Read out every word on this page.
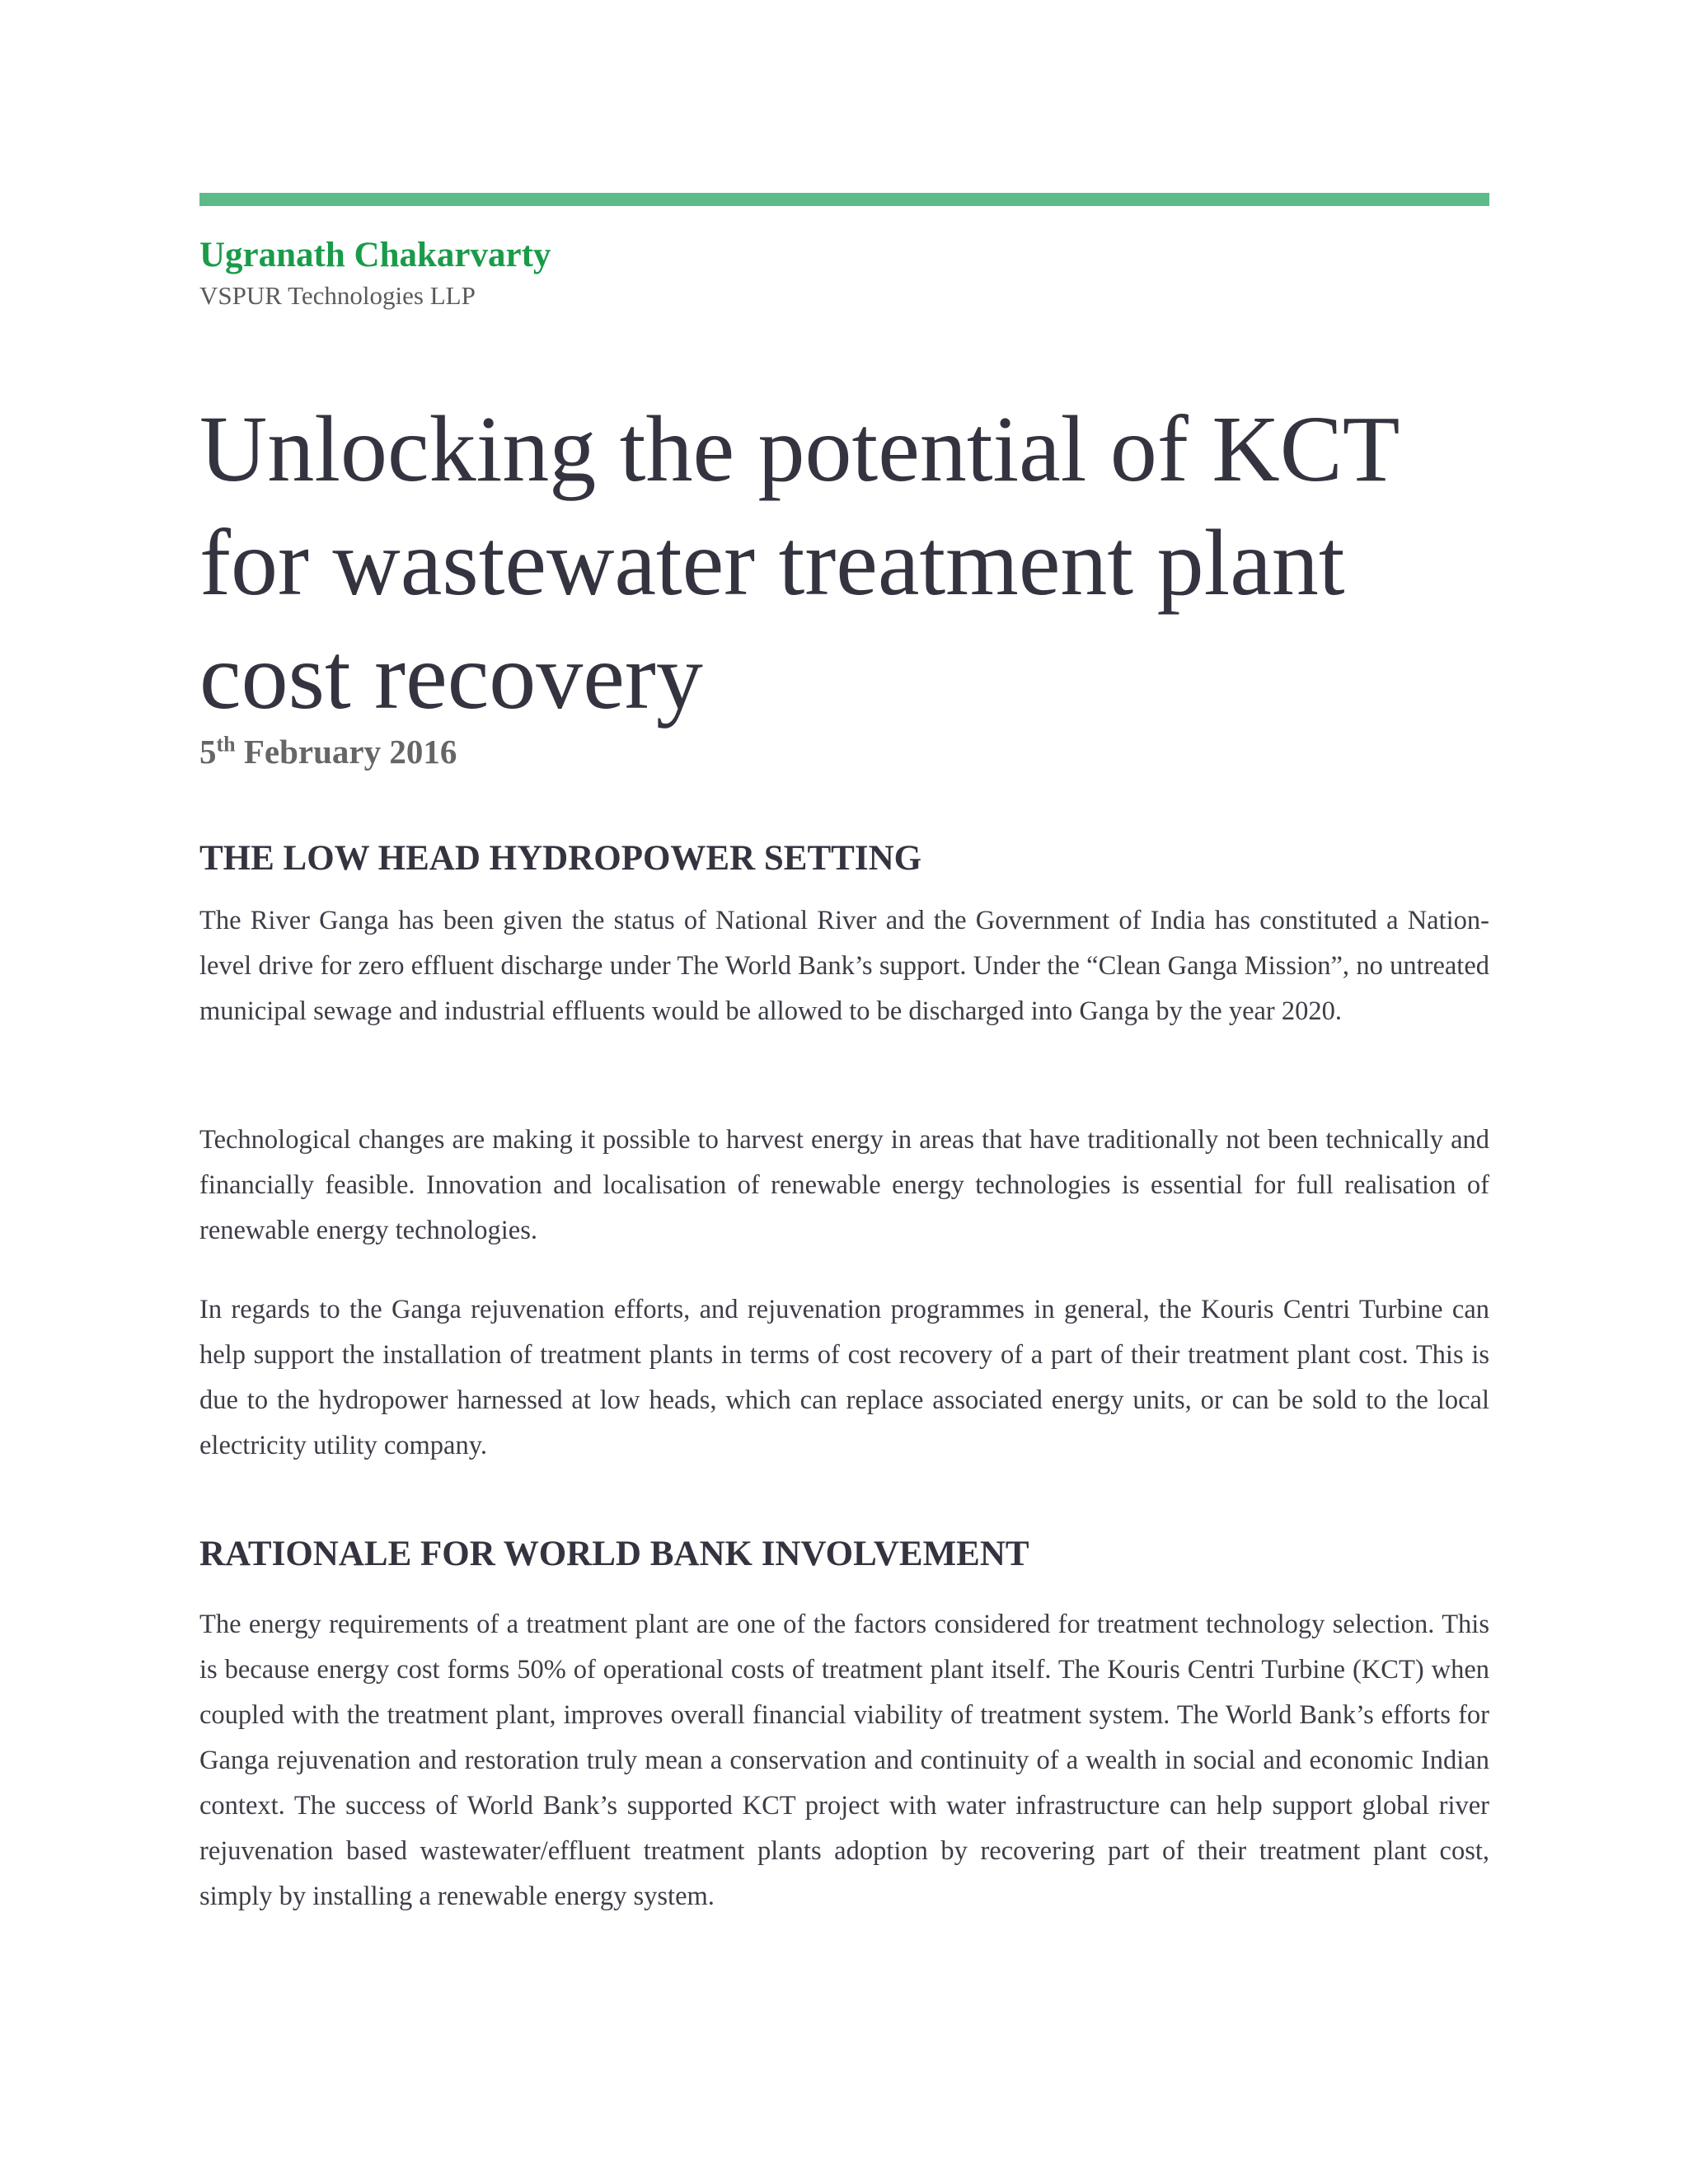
Ugranath Chakarvarty
VSPUR Technologies LLP
Unlocking the potential of KCT for wastewater treatment plant cost recovery
5th February 2016
THE LOW HEAD HYDROPOWER SETTING

The River Ganga has been given the status of National River and the Government of India has constituted a Nation-level drive for zero effluent discharge under The World Bank’s support. Under the “Clean Ganga Mission”, no untreated municipal sewage and industrial effluents would be allowed to be discharged into Ganga by the year 2020.

Technological changes are making it possible to harvest energy in areas that have traditionally not been technically and financially feasible. Innovation and localisation of renewable energy technologies is essential for full realisation of renewable energy technologies.

In regards to the Ganga rejuvenation efforts, and rejuvenation programmes in general, the Kouris Centri Turbine can help support the installation of treatment plants in terms of cost recovery of a part of their treatment plant cost. This is due to the hydropower harnessed at low heads, which can replace associated energy units, or can be sold to the local electricity utility company.

RATIONALE FOR WORLD BANK INVOLVEMENT

The energy requirements of a treatment plant are one of the factors considered for treatment technology selection. This is because energy cost forms 50% of operational costs of treatment plant itself. The Kouris Centri Turbine (KCT) when coupled with the treatment plant, improves overall financial viability of treatment system. The World Bank’s efforts for Ganga rejuvenation and restoration truly mean a conservation and continuity of a wealth in social and economic Indian context. The success of World Bank’s supported KCT project with water infrastructure can help support global river rejuvenation based wastewater/effluent treatment plants adoption by recovering part of their treatment plant cost, simply by installing a renewable energy system.
